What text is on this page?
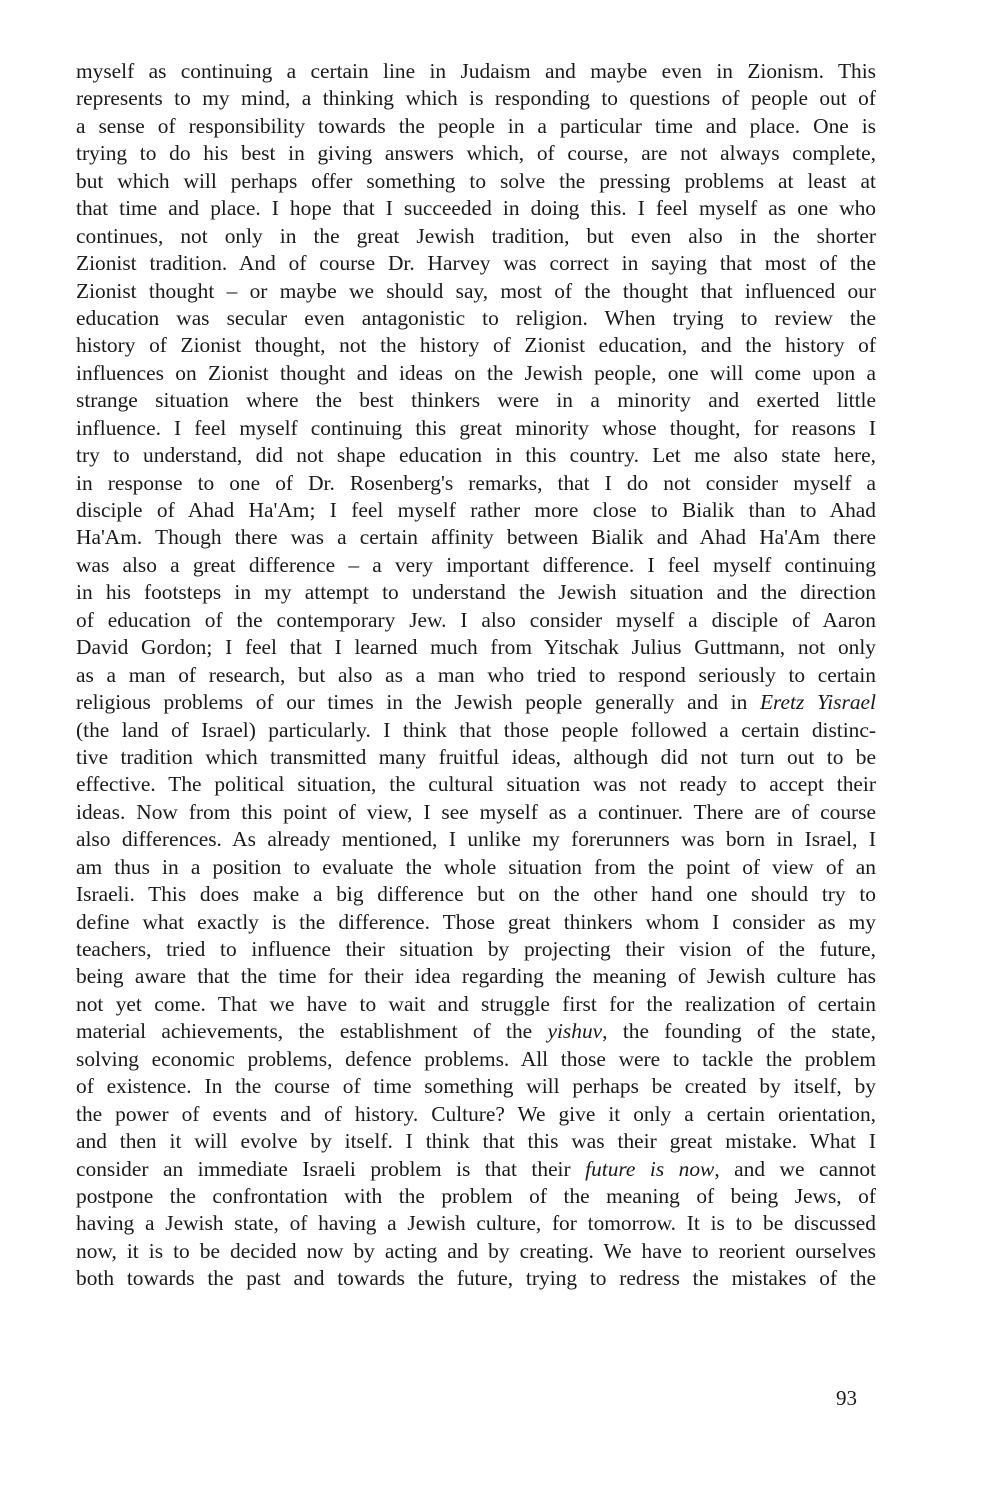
myself as continuing a certain line in Judaism and maybe even in Zionism. This
represents to my mind, a thinking which is responding to questions of people out of
a sense of responsibility towards the people in a particular time and place. One is
trying to do his best in giving answers which, of course, are not always complete,
but which will perhaps offer something to solve the pressing problems at least at
that time and place. I hope that I succeeded in doing this. I feel myself as one who
continues, not only in the great Jewish tradition, but even also in the shorter
Zionist tradition. And of course Dr. Harvey was correct in saying that most of the
Zionist thought – or maybe we should say, most of the thought that influenced our
education was secular even antagonistic to religion. When trying to review the
history of Zionist thought, not the history of Zionist education, and the history of
influences on Zionist thought and ideas on the Jewish people, one will come upon a
strange situation where the best thinkers were in a minority and exerted little
influence. I feel myself continuing this great minority whose thought, for reasons I
try to understand, did not shape education in this country. Let me also state here,
in response to one of Dr. Rosenberg's remarks, that I do not consider myself a
disciple of Ahad Ha'Am; I feel myself rather more close to Bialik than to Ahad
Ha'Am. Though there was a certain affinity between Bialik and Ahad Ha'Am there
was also a great difference – a very important difference. I feel myself continuing
in his footsteps in my attempt to understand the Jewish situation and the direction
of education of the contemporary Jew. I also consider myself a disciple of Aaron
David Gordon; I feel that I learned much from Yitschak Julius Guttmann, not only
as a man of research, but also as a man who tried to respond seriously to certain
religious problems of our times in the Jewish people generally and in Eretz Yisrael
(the land of Israel) particularly. I think that those people followed a certain distinc-
tive tradition which transmitted many fruitful ideas, although did not turn out to be
effective. The political situation, the cultural situation was not ready to accept their
ideas. Now from this point of view, I see myself as a continuer. There are of course
also differences. As already mentioned, I unlike my forerunners was born in Israel, I
am thus in a position to evaluate the whole situation from the point of view of an
Israeli. This does make a big difference but on the other hand one should try to
define what exactly is the difference. Those great thinkers whom I consider as my
teachers, tried to influence their situation by projecting their vision of the future,
being aware that the time for their idea regarding the meaning of Jewish culture has
not yet come. That we have to wait and struggle first for the realization of certain
material achievements, the establishment of the yishuv, the founding of the state,
solving economic problems, defence problems. All those were to tackle the problem
of existence. In the course of time something will perhaps be created by itself, by
the power of events and of history. Culture? We give it only a certain orientation,
and then it will evolve by itself. I think that this was their great mistake. What I
consider an immediate Israeli problem is that their future is now, and we cannot
postpone the confrontation with the problem of the meaning of being Jews, of
having a Jewish state, of having a Jewish culture, for tomorrow. It is to be discussed
now, it is to be decided now by acting and by creating. We have to reorient ourselves
both towards the past and towards the future, trying to redress the mistakes of the
93
